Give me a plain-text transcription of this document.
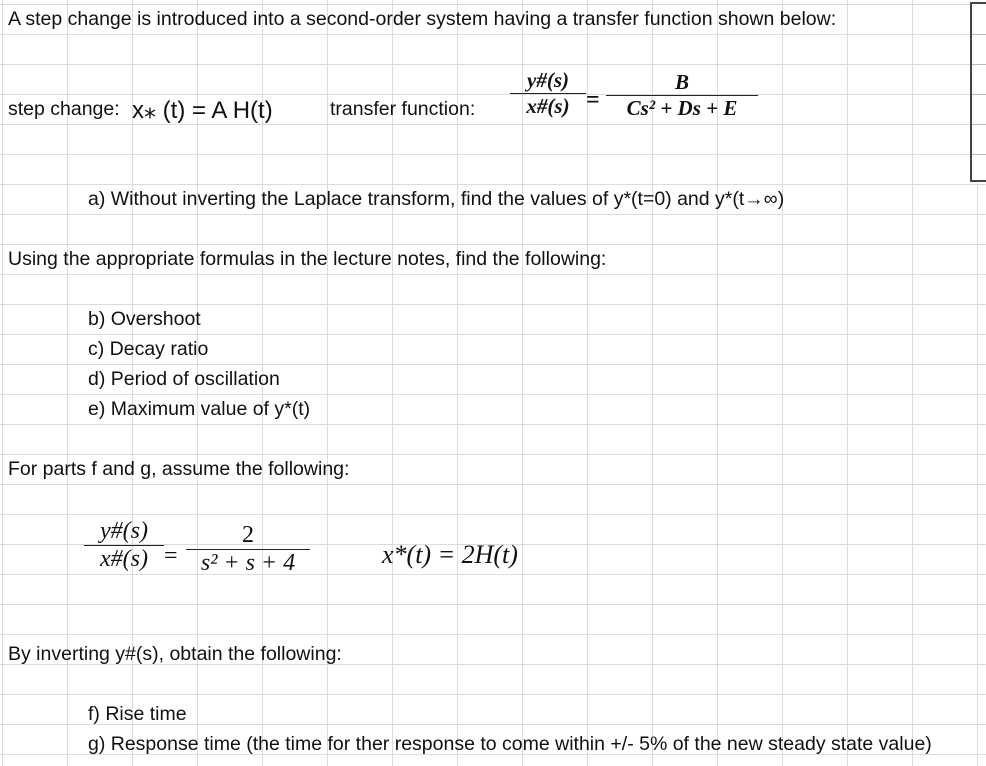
A step change is introduced into a second-order system having a transfer function shown below:
step change: x⁎ (t) = A H(t)	transfer function:
y#(s)
x#(s) =
B
Cs² + Ds + E
a) Without inverting the Laplace transform, find the values of y*(t=0) and y*(t→∞)
Using the appropriate formulas in the lecture notes, find the following:
b) Overshoot
c) Decay ratio
d) Period of oscillation
e) Maximum value of y*(t)
For parts f and g, assume the following:
y#(s)
x#(s) =
2
s² + s + 4	x*(t) = 2H(t)
By inverting y#(s), obtain the following:
f) Rise time
g) Response time (the time for ther response to come within +/- 5% of the new steady state value)
